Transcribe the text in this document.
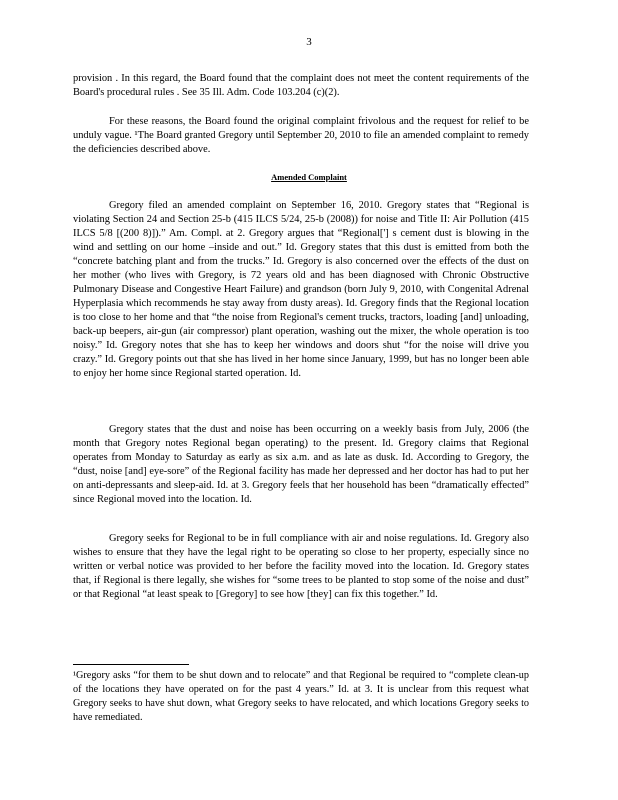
3

provision . In this regard, the Board found that the complaint does not meet the content requirements of the Board's procedural rules . See 35 Ill. Adm. Code 103.204 (c)(2).

For these reasons, the Board found the original complaint frivolous and the request for relief to be unduly vague. ¹The Board granted Gregory until September 20, 2010 to file an amended complaint to remedy the deficiencies described above.

Amended Complaint

Gregory filed an amended complaint on September 16, 2010. Gregory states that “Regional is violating Section 24 and Section 25-b (415 ILCS 5/24, 25-b (2008)) for noise and Title II: Air Pollution (415 ILCS 5/8 [(200 8)]).” Am. Compl. at 2. Gregory argues that “Regional['] s cement dust is blowing in the wind and settling on our home –inside and out.” Id. Gregory states that this dust is emitted from both the “concrete batching plant and from the trucks.” Id. Gregory is also concerned over the effects of the dust on her mother (who lives with Gregory, is 72 years old and has been diagnosed with Chronic Obstructive Pulmonary Disease and Congestive Heart Failure) and grandson (born July 9, 2010, with Congenital Adrenal Hyperplasia which recommends he stay away from dusty areas). Id. Gregory finds that the Regional location is too close to her home and that “the noise from Regional's cement trucks, tractors, loading [and] unloading, back-up beepers, air-gun (air compressor) plant operation, washing out the mixer, the whole operation is too noisy.” Id. Gregory notes that she has to keep her windows and doors shut “for the noise will drive you crazy.” Id. Gregory points out that she has lived in her home since January, 1999, but has no longer been able to enjoy her home since Regional started operation. Id.

Gregory states that the dust and noise has been occurring on a weekly basis from July, 2006 (the month that Gregory notes Regional began operating) to the present. Id. Gregory claims that Regional operates from Monday to Saturday as early as six a.m. and as late as dusk. Id. According to Gregory, the “dust, noise [and] eye-sore” of the Regional facility has made her depressed and her doctor has had to put her on anti-depressants and sleep-aid. Id. at 3. Gregory feels that her household has been “dramatically effected” since Regional moved into the location. Id.

Gregory seeks for Regional to be in full compliance with air and noise regulations. Id. Gregory also wishes to ensure that they have the legal right to be operating so close to her property, especially since no written or verbal notice was provided to her before the facility moved into the location. Id. Gregory states that, if Regional is there legally, she wishes for “some trees to be planted to stop some of the noise and dust” or that Regional “at least speak to [Gregory] to see how [they] can fix this together.” Id.

¹Gregory asks “for them to be shut down and to relocate” and that Regional be required to “complete clean-up of the locations they have operated on for the past 4 years.” Id. at 3. It is unclear from this request what Gregory seeks to have shut down, what Gregory seeks to have relocated, and which locations Gregory seeks to have remediated.
